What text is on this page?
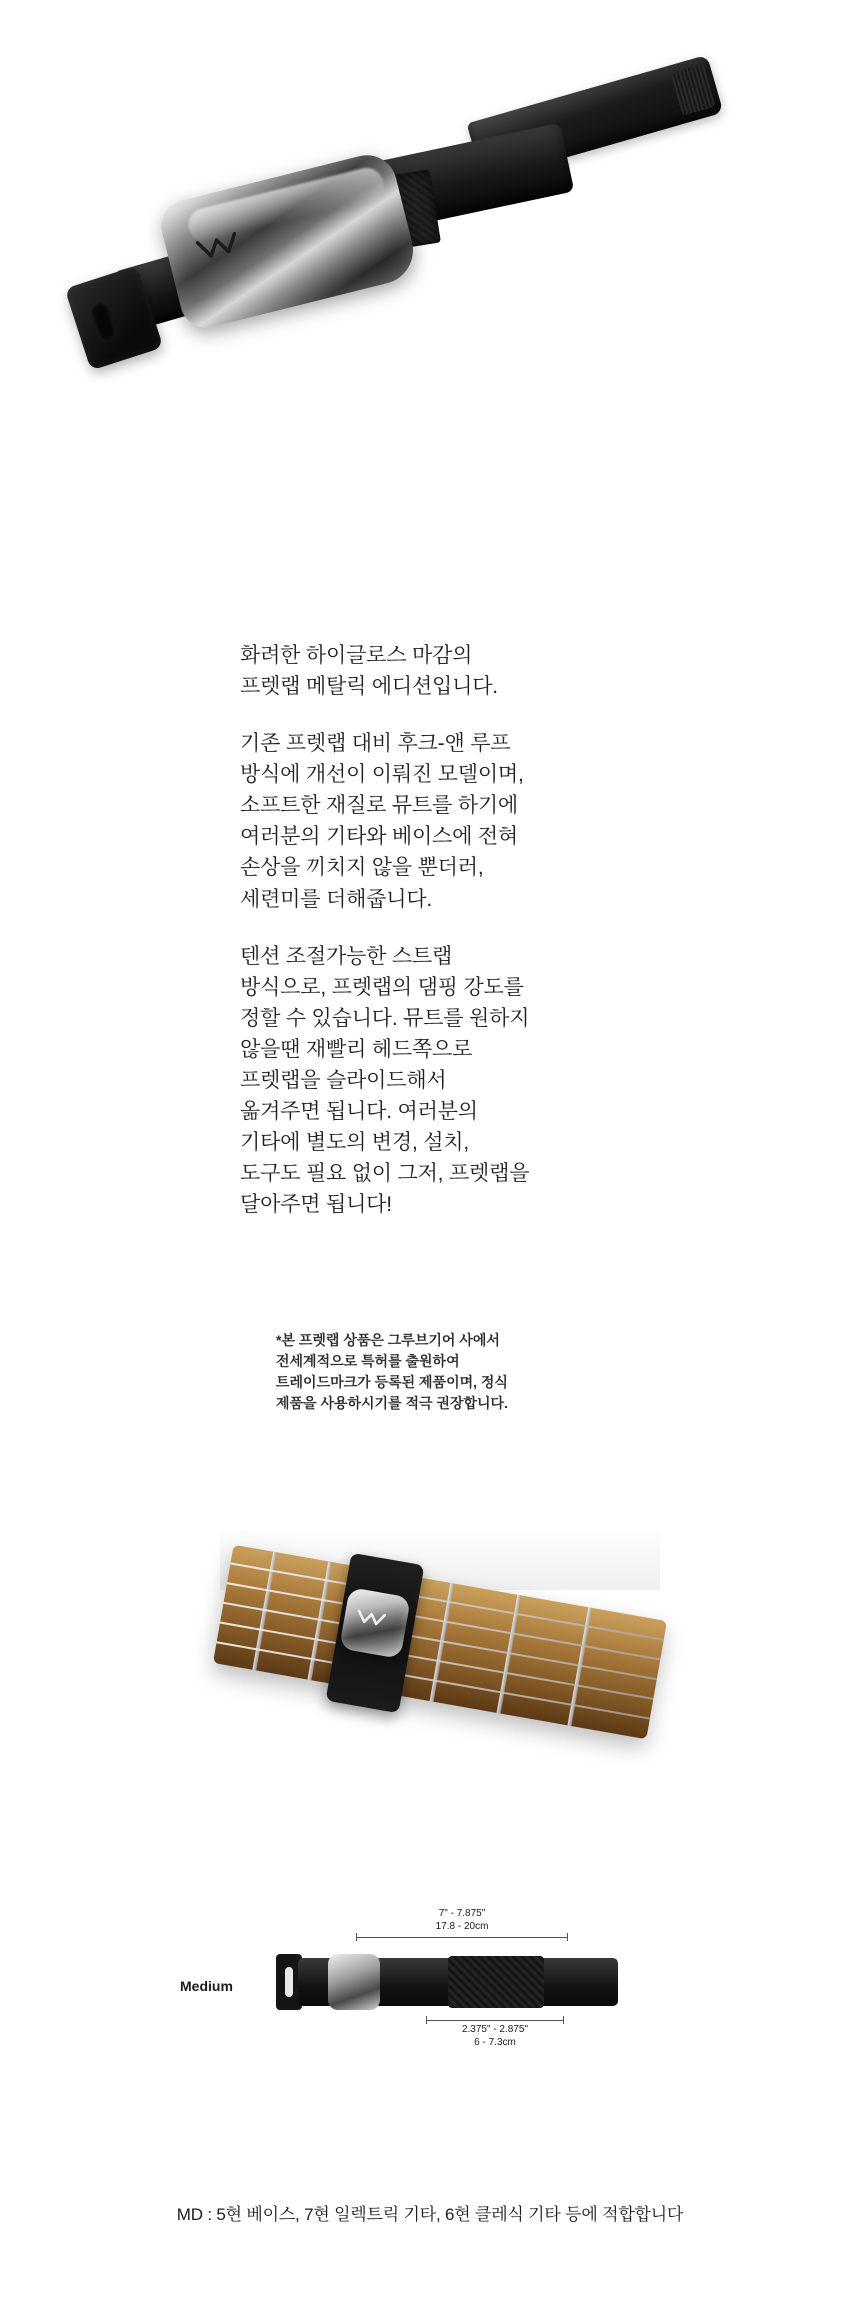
화려한 하이글로스 마감의
프렛랩 메탈릭 에디션입니다.

기존 프렛랩 대비 후크-앤 루프
방식에 개선이 이뤄진 모델이며,
소프트한 재질로 뮤트를 하기에
여러분의 기타와 베이스에 전혀
손상을 끼치지 않을 뿐더러,
세련미를 더해줍니다.

텐션 조절가능한 스트랩
방식으로, 프렛랩의 댐핑 강도를
정할 수 있습니다. 뮤트를 원하지
않을땐 재빨리 헤드쪽으로
프렛랩을 슬라이드해서
옮겨주면 됩니다. 여러분의
기타에 별도의 변경, 설치,
도구도 필요 없이 그저, 프렛랩을
달아주면 됩니다!

*본 프렛랩 상품은 그루브기어 사에서
전세계적으로 특허를 출원하여
트레이드마크가 등록된 제품이며, 정식
제품을 사용하시기를 적극 권장합니다.
Medium
7" - 7.875"
17.8 - 20cm
2.375" - 2.875"
6 - 7.3cm
MD : 5현 베이스, 7현 일렉트릭 기타, 6현 클레식 기타 등에 적합합니다
